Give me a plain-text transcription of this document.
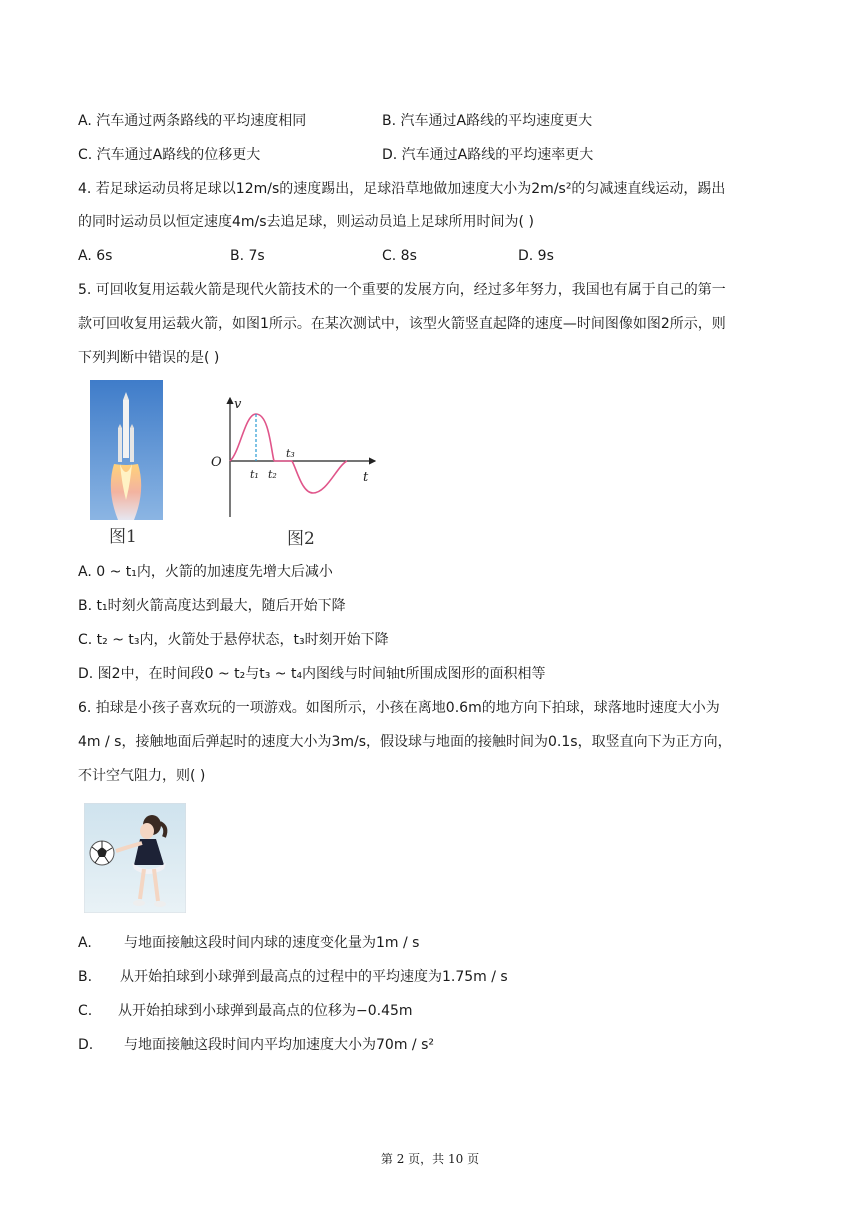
A. 汽车通过两条路线的平均速度相同	B. 汽车通过A路线的平均速度更大
C. 汽车通过A路线的位移更大	D. 汽车通过A路线的平均速率更大
4. 若足球运动员将足球以12m/s的速度踢出，足球沿草地做加速度大小为2m/s²的匀减速直线运动，踢出
的同时运动员以恒定速度4m/s去追足球，则运动员追上足球所用时间为( )
A. 6s	B. 7s	C. 8s	D. 9s
5. 可回收复用运载火箭是现代火箭技术的一个重要的发展方向，经过多年努力，我国也有属于自己的第一
款可回收复用运载火箭，如图1所示。在某次测试中，该型火箭竖直起降的速度—时间图像如图2所示，则
下列判断中错误的是( )
图1
v
O
t
t₁ t₂
t₃
图2
A. 0 ~ t₁内，火箭的加速度先增大后减小
B. t₁时刻火箭高度达到最大，随后开始下降
C. t₂ ~ t₃内，火箭处于悬停状态，t₃时刻开始下降
D. 图2中，在时间段0 ~ t₂与t₃ ~ t₄内图线与时间轴t所围成图形的面积相等
6. 拍球是小孩子喜欢玩的一项游戏。如图所示，小孩在离地0.6m的地方向下拍球，球落地时速度大小为
4m / s，接触地面后弹起时的速度大小为3m/s，假设球与地面的接触时间为0.1s，取竖直向下为正方向，
不计空气阻力，则( )
A. 与地面接触这段时间内球的速度变化量为1m / s
B. 从开始拍球到小球弹到最高点的过程中的平均速度为1.75m / s
C. 从开始拍球到小球弹到最高点的位移为−0.45m
D. 与地面接触这段时间内平均加速度大小为70m / s²
第 2 页，共 10 页
